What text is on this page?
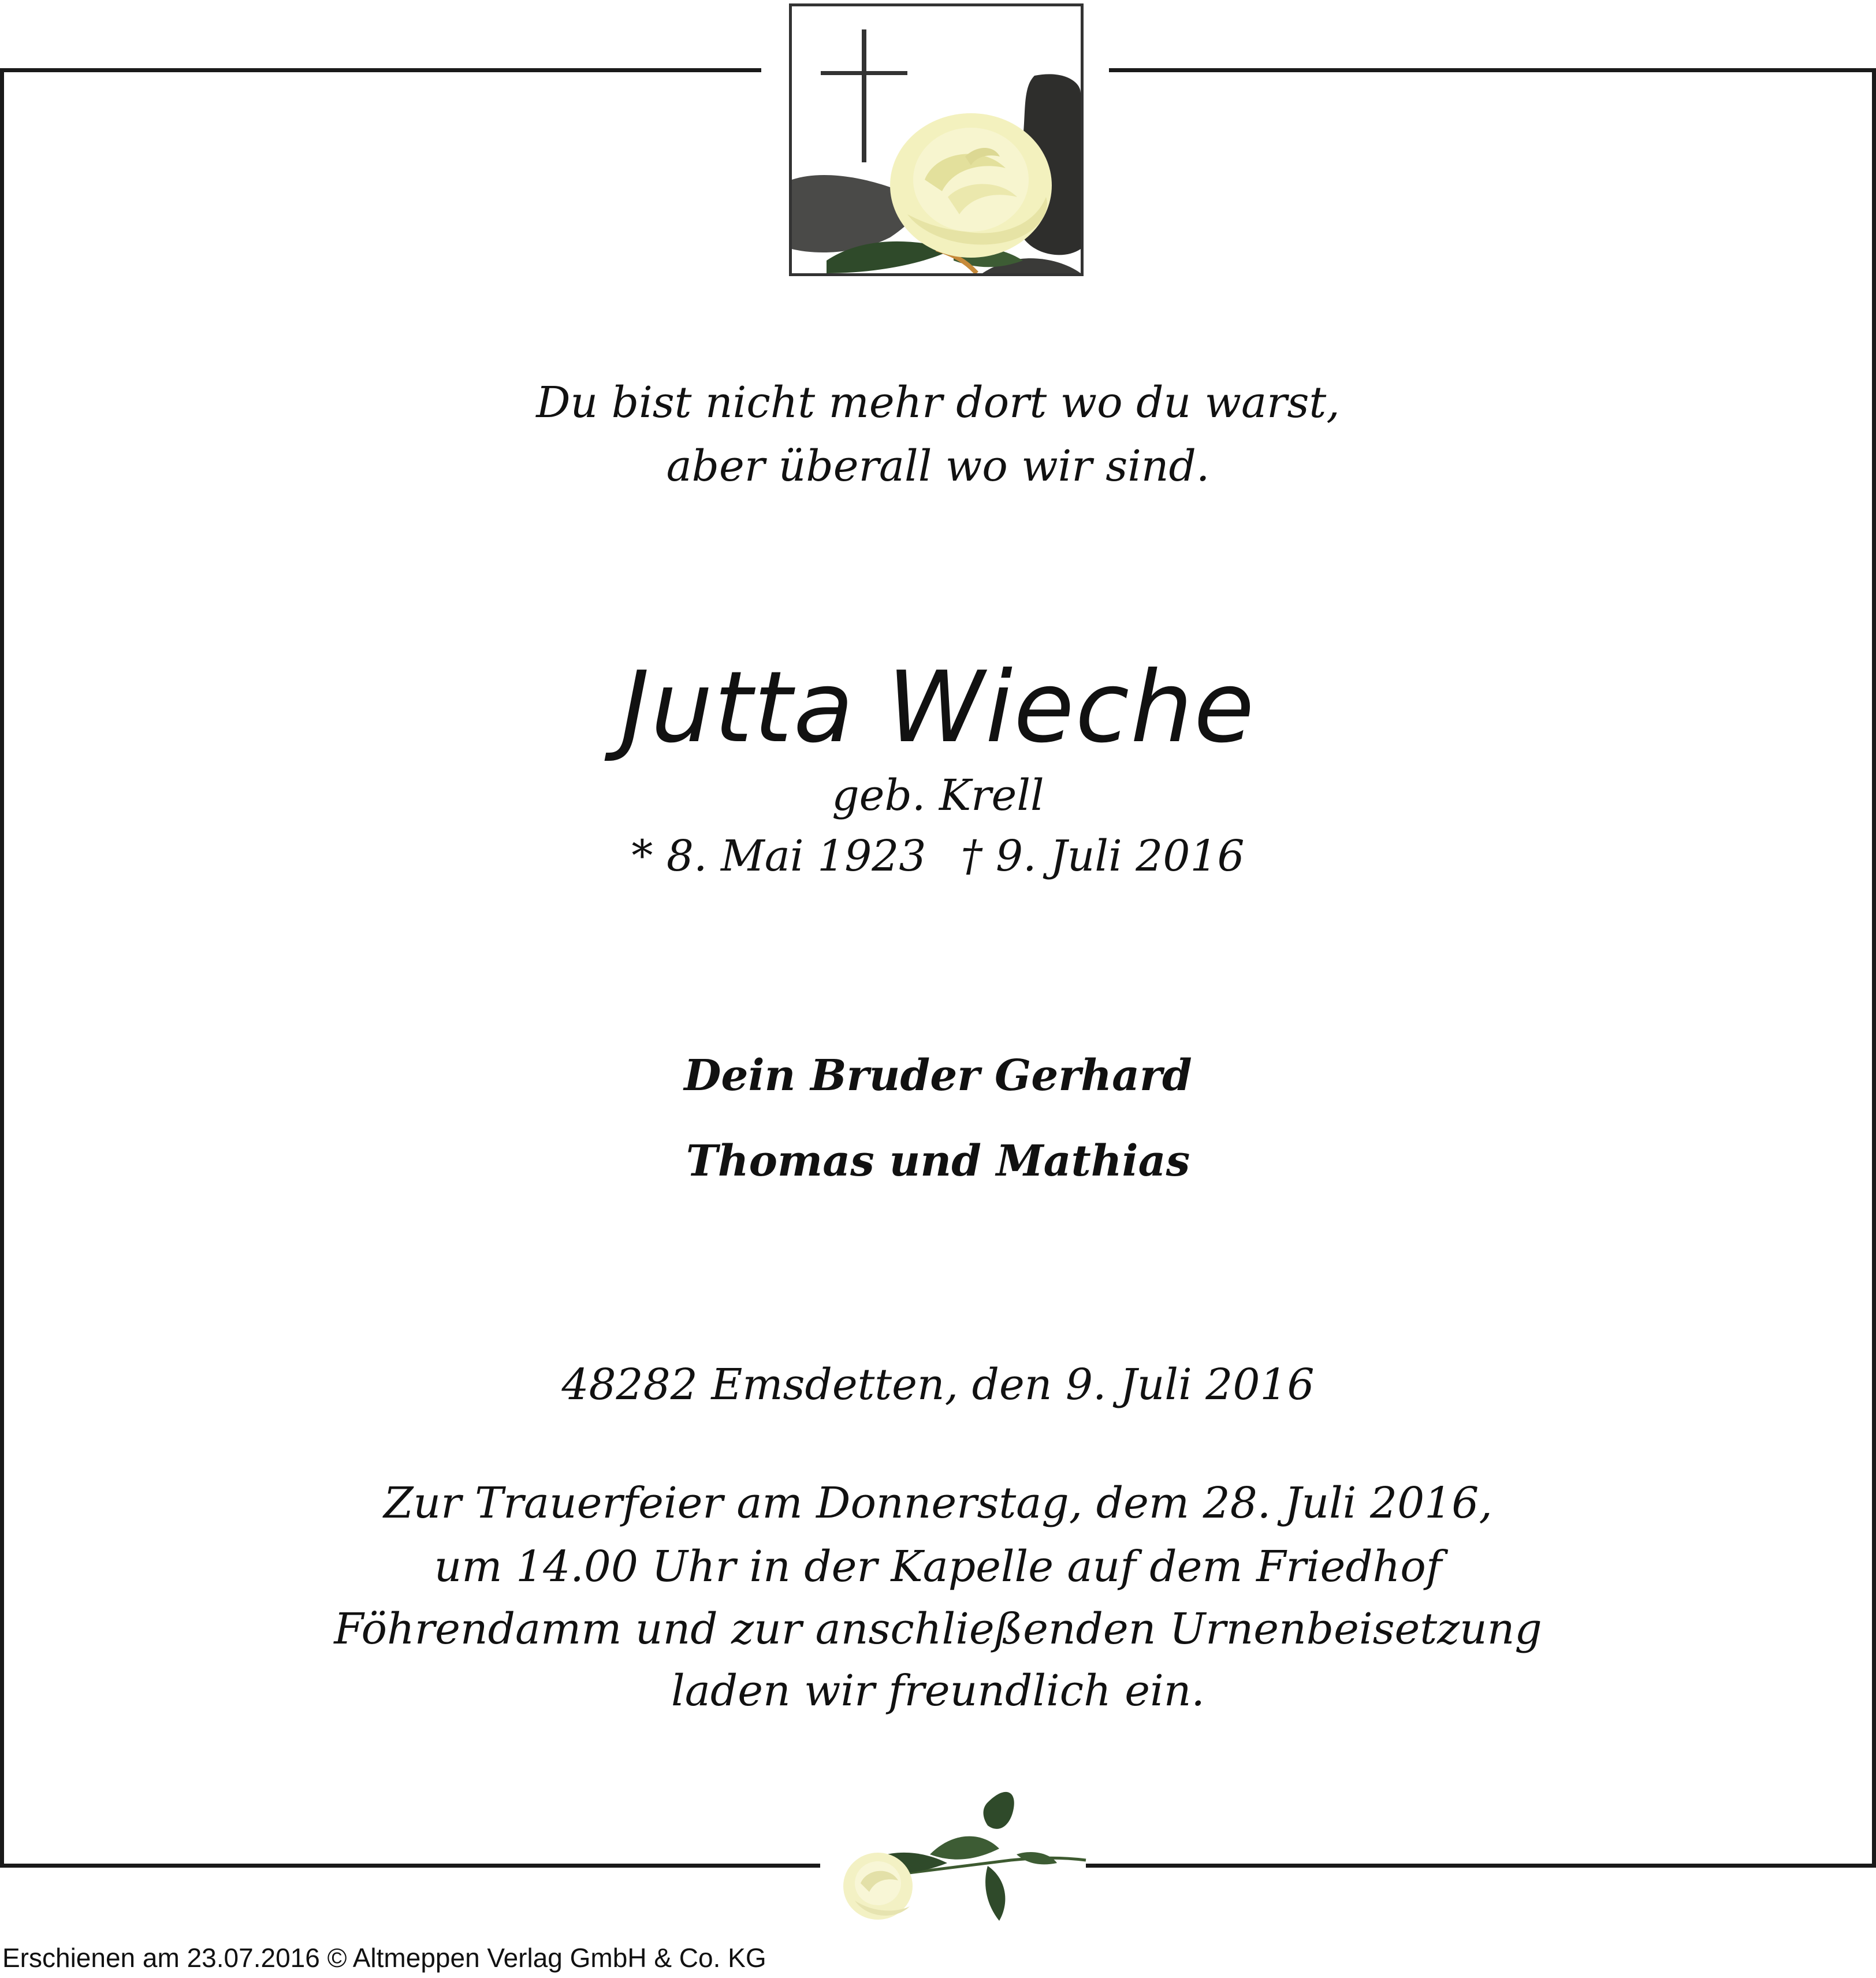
Du bist nicht mehr dort wo du warst,
aber überall wo wir sind.
Jutta Wieche
geb. Krell
* 8. Mai 1923 † 9. Juli 2016
Dein Bruder Gerhard
Thomas und Mathias
48282 Emsdetten, den 9. Juli 2016
Zur Trauerfeier am Donnerstag, dem 28. Juli 2016,
um 14.00 Uhr in der Kapelle auf dem Friedhof
Föhrendamm und zur anschließenden Urnenbeisetzung
laden wir freundlich ein.
Erschienen am 23.07.2016 © Altmeppen Verlag GmbH & Co. KG
